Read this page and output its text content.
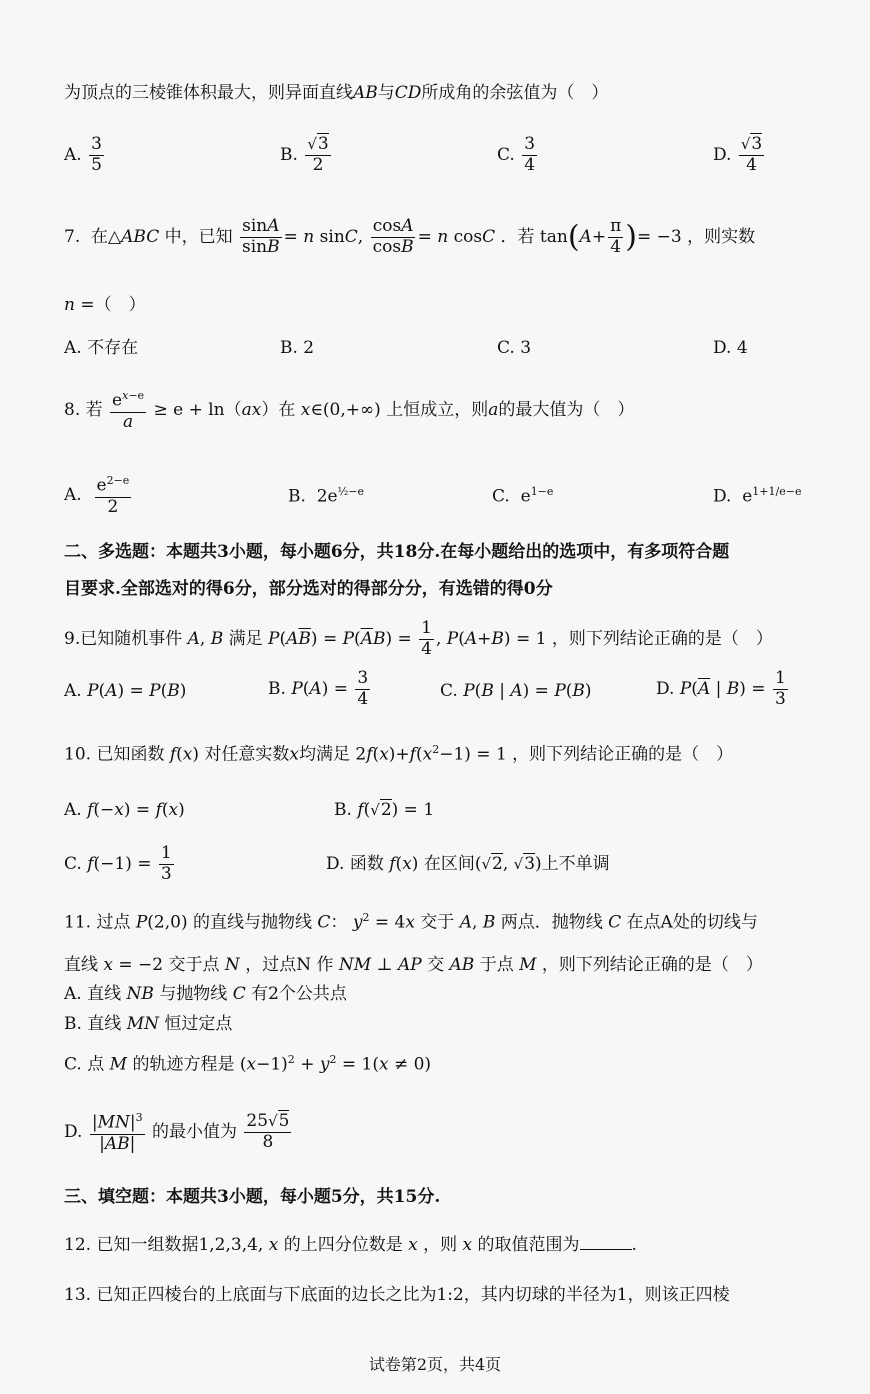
为顶点的三棱锥体积最大，则异面直线AB与CD所成角的余弦值为（　）
A. $\frac{3}{5}$	B. $\frac{√3}{2}$	C. $\frac{3}{4}$	D. $\frac{√3}{4}$
7.  在△ABC 中，已知 $\frac{\sin A}{\sin B} = n$ sinC, $\frac{\cos A}{\cos B} = n$ cosC ．若 $\tan(A+ \frac{\pi}{4}$ )= −3 ，则实数
n =（　）
A. 不存在	B. 2	C. 3	D. 4
8. 若 $\frac{e^{x-e}}{a} \ge e + \ln(ax)$在 x∈(0,+∞) 上恒成立，则a的最大值为（　）
A. $\frac{e^{2-e}}{2}$	B.  $2e^{\frac{1}{2}-e}$	C.  $e^{1-e}$	D.  $e^{1+1/e-e}$
二、多选题：本题共3小题，每小题6分，共18分.在每小题给出的选项中，有多项符合题
目要求.全部选对的得6分，部分选对的得部分分，有选错的得0分
9.已知随机事件 A, B 满足 $P(A\overline{B}) = P(\overline{A}B) = \frac{1}{4}$ , P(A+B) = 1 ，则下列结论正确的是（　）
A. P(A) = P(B)	B. $P(A) = \frac{3}{4}$	C. P(B | A) = P(B)	D. $P(\overline{A}$ | $B) = \frac{1}{3}$
10. 已知函数 f(x) 对任意实数x均满足 $2f(x)+f(x^2-1) = 1$ ，则下列结论正确的是（　）
A. f(−x) = f(x)	B. f(√2) = 1
C. $f(-1) = \frac{1}{3}$	D. 函数 f(x) 在区间(√2, √3)上不单调
11. 过点 P(2,0) 的直线与抛物线 C： $y^2 = 4x$ 交于 A, B 两点．抛物线 C 在点A处的切线与
直线 x = −2 交于点 N ，过点N 作 NM ⊥ AP 交 AB 于点 M ，则下列结论正确的是（　）
A. 直线 NB 与抛物线 C 有2个公共点
B. 直线 MN 恒过定点
C. 点 M 的轨迹方程是 $(x-1)^2 + y^2 = 1(x \ne 0)$
D. $\frac{|MN|^3}{|AB|}$ 的最小值为 $\frac{25√5}{8}$
三、填空题：本题共3小题，每小题5分，共15分.
12. 已知一组数据1,2,3,4, x 的上四分位数是 x ，则 x 的取值范围为	.
13. 已知正四棱台的上底面与下底面的边长之比为1:2，其内切球的半径为1，则该正四棱
试卷第2页，共4页
